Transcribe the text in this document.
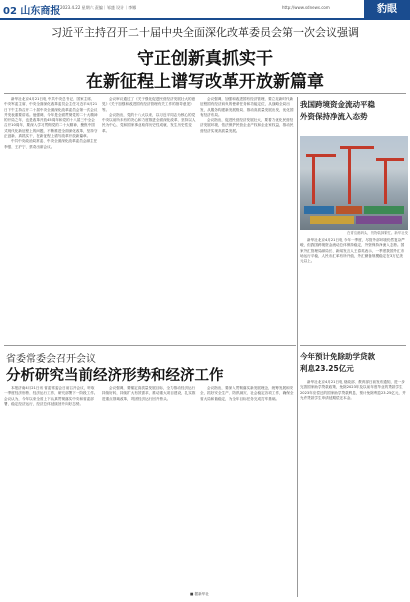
02 山东商报 2023.4.22 星期六 责编｜邹盛 设计｜李娜	http://www.sdnews.com	豹眼
习近平主持召开二十届中央全面深化改革委员会第一次会议强调
守正创新真抓实干
在新征程上谱写改革开放新篇章

新华社北京4月21日电 中共中央总书记、国家主席、中央军委主席、中央全面深化改革委员会主任习近平4月21日下午主持召开二十届中央全面深化改革委员会第一次会议并发表重要讲话。他强调，今年是全面贯彻党的二十大精神的开局之年，也是改革开放45周年和党的十八届三中全会召开10周年，要深入学习贯彻党的二十大精神，聚焦中国式现代化新征程上的问题，不断推进全面深化改革，坚持守正创新、真抓实干，在新征程上谱写改革开放新篇章。

中共中央政治局常委、中央全面深化改革委员会副主任李强、王沪宁、蔡奇出席会议。

会议审议通过了《关于强化促进民营经济发展壮大的意见》《关于加强和改进国有经济管理有关工作的指导意见》等。

会议指出，党的十八大以来，以习近平同志为核心的党中央以前所未有的决心和力度推进全面深化改革，坚持以人民为中心，党和国家事业取得历史性成就、发生历史性变革。

会议强调，加强和改进国有经济管理，要立足新时代新征程国有经济肩负的使命任务和功能定位，从战略全局出发，从服务构建新发展格局、推动高质量发展出发，优化国有经济布局。

会议指出，促进民营经济发展壮大，要着力优化民营经济发展环境，依法保护民营企业产权和企业家权益，推动民营经济实现高质量发展。

我国跨境资金流动平稳
外资保持净流入态势
在青岛港码头，货物装卸繁忙。新华社发

新华社北京4月21日电 今年一季度，尽管外部环境仍然复杂严峻，但我国跨境资金流动总体保持稳定，外资保持净流入态势。国家外汇管理局副局长、新闻发言人王春英表示，一季度我国外汇市场运行平稳，人民币汇率有所升值，外汇储备规模稳定在3万亿美元以上。

省委常委会召开会议
分析研究当前经济形势和经济工作

本报济南4月21日讯 省委常委会日前召开会议，听取一季度经济形势、经济运行工作，研究部署下一阶段工作。会议认为，今年以来全省上下认真贯彻落实中央和省委部署，稳定经济运行，经济总体延续回升向好态势。

会议强调，要锚定高质量发展目标，全力推动经济运行持续好转，持续扩大有效需求，推动重大项目建设，扎实推进重点领域改革，巩固经济运行回升势头。

会议指出，要深入贯彻落实新发展理念，统筹发展和安全，抓好安全生产、防汛减灾、社会稳定各项工作，确保全省大局和谐稳定，为全年目标任务完成打牢基础。

今年预计免除助学贷款
利息23.25亿元

新华社北京4月21日电 财政部、教育部日前发布通知，进一步完善国家助学贷款政策，免除2023年及以前年度毕业的贷款学生2023年应偿还的国家助学贷款利息，预计免除利息23.25亿元，并允许贷款学生申请延期偿还本金。

■ 据新华社
